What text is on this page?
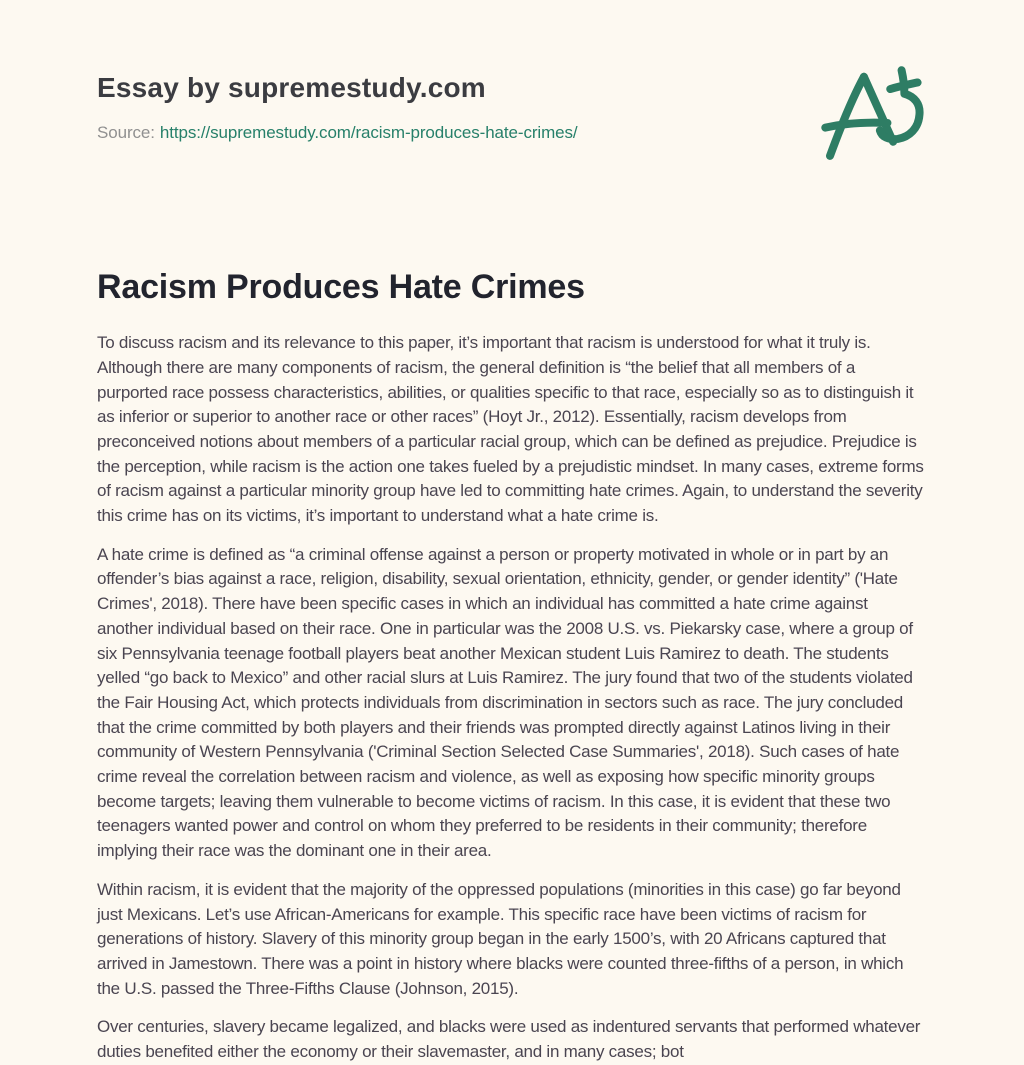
Essay by supremestudy.com
Source: https://supremestudy.com/racism-produces-hate-crimes/
Racism Produces Hate Crimes

To discuss racism and its relevance to this paper, it’s important that racism is understood for what it truly is. Although there are many components of racism, the general definition is “the belief that all members of a purported race possess characteristics, abilities, or qualities specific to that race, especially so as to distinguish it as inferior or superior to another race or other races” (Hoyt Jr., 2012). Essentially, racism develops from preconceived notions about members of a particular racial group, which can be defined as prejudice. Prejudice is the perception, while racism is the action one takes fueled by a prejudistic mindset. In many cases, extreme forms of racism against a particular minority group have led to committing hate crimes. Again, to understand the severity this crime has on its victims, it’s important to understand what a hate crime is.

A hate crime is defined as “a criminal offense against a person or property motivated in whole or in part by an offender’s bias against a race, religion, disability, sexual orientation, ethnicity, gender, or gender identity” ('Hate Crimes', 2018). There have been specific cases in which an individual has committed a hate crime against another individual based on their race. One in particular was the 2008 U.S. vs. Piekarsky case, where a group of six Pennsylvania teenage football players beat another Mexican student Luis Ramirez to death. The students yelled “go back to Mexico” and other racial slurs at Luis Ramirez. The jury found that two of the students violated the Fair Housing Act, which protects individuals from discrimination in sectors such as race. The jury concluded that the crime committed by both players and their friends was prompted directly against Latinos living in their community of Western Pennsylvania ('Criminal Section Selected Case Summaries', 2018). Such cases of hate crime reveal the correlation between racism and violence, as well as exposing how specific minority groups become targets; leaving them vulnerable to become victims of racism. In this case, it is evident that these two teenagers wanted power and control on whom they preferred to be residents in their community; therefore implying their race was the dominant one in their area.

Within racism, it is evident that the majority of the oppressed populations (minorities in this case) go far beyond just Mexicans. Let’s use African-Americans for example. This specific race have been victims of racism for generations of history. Slavery of this minority group began in the early 1500’s, with 20 Africans captured that arrived in Jamestown. There was a point in history where blacks were counted three-fifths of a person, in which the U.S. passed the Three-Fifths Clause (Johnson, 2015).

Over centuries, slavery became legalized, and blacks were used as indentured servants that performed whatever duties benefited either the economy or their slavemaster, and in many cases; bot
